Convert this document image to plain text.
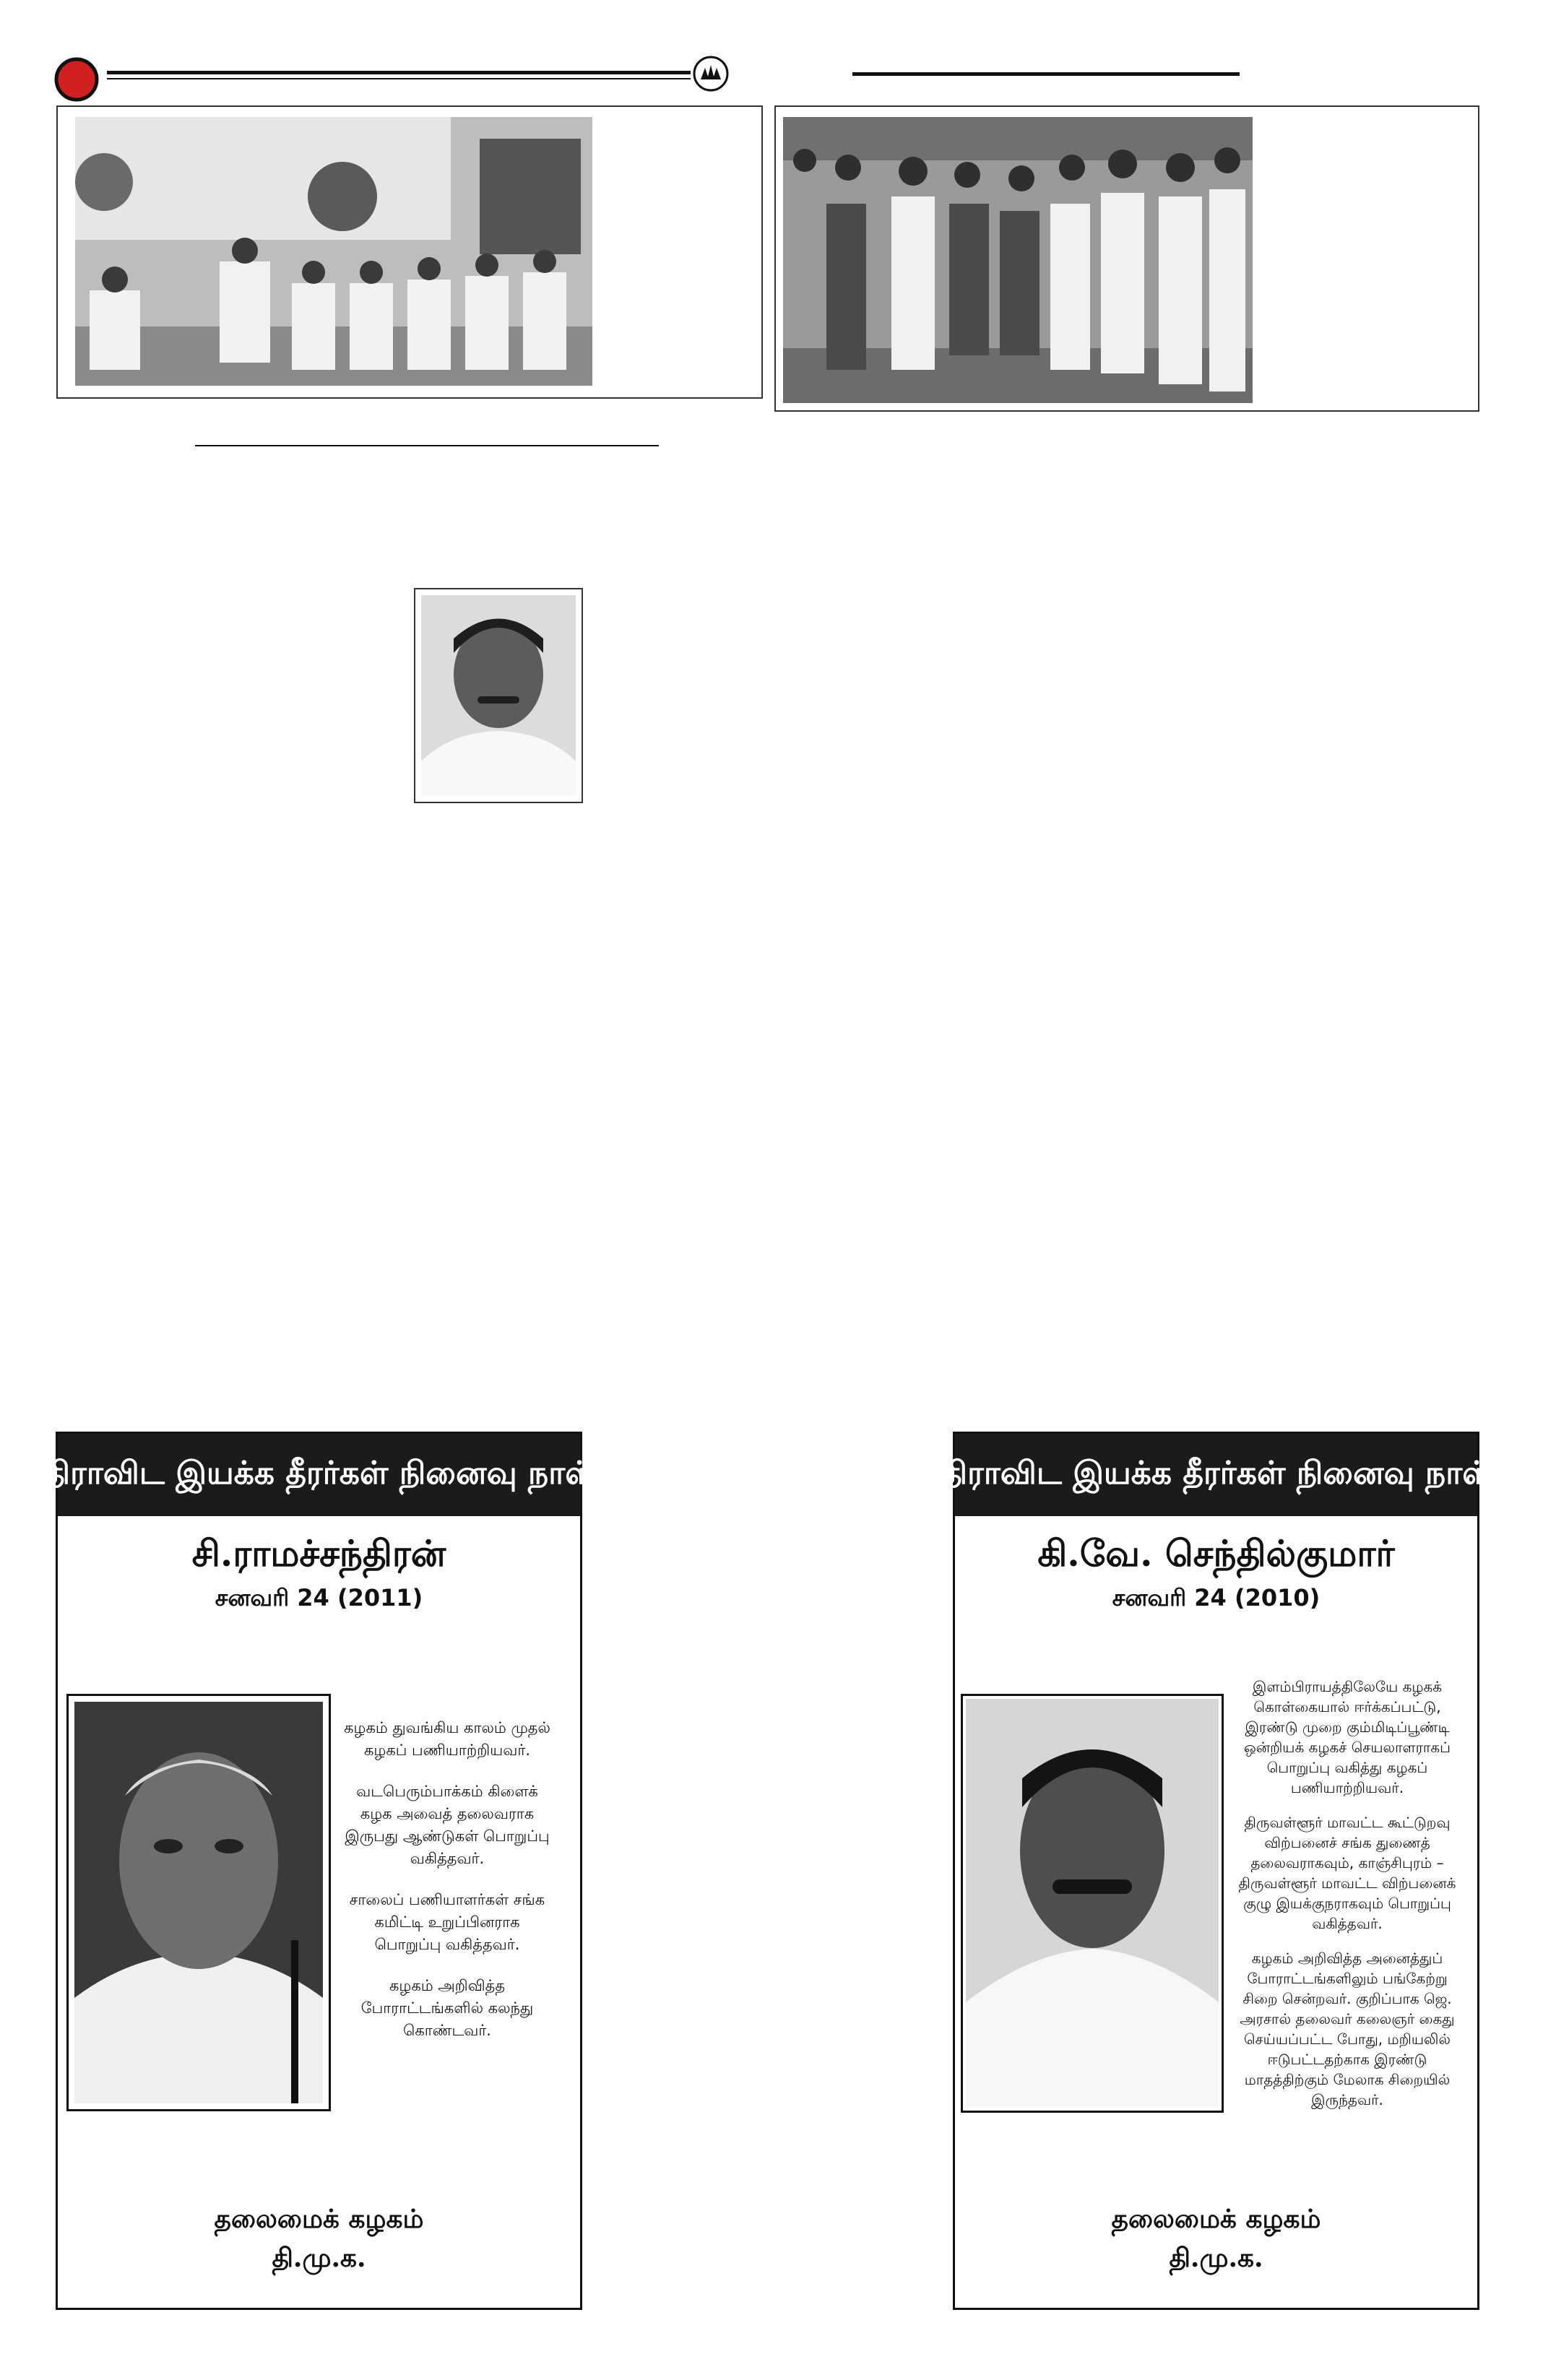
திராவிட இயக்க தீரர்கள் நினைவு நாள்
சி.ராமச்சந்திரன்
சனவரி 24 (2011)

கழகம் துவங்கிய காலம் முதல் கழகப் பணியாற்றியவர்.

வடபெரும்பாக்கம் கிளைக் கழக அவைத் தலைவராக இருபது ஆண்டுகள் பொறுப்பு வகித்தவர்.

சாலைப் பணியாளர்கள் சங்க கமிட்டி உறுப்பினராக பொறுப்பு வகித்தவர்.

கழகம் அறிவித்த போராட்டங்களில் கலந்து கொண்டவர்.

தலைமைக் கழகம்
தி.மு.க.
திராவிட இயக்க தீரர்கள் நினைவு நாள்
கி.வே. செந்தில்குமார்
சனவரி 24 (2010)

இளம்பிராயத்திலேயே கழகக் கொள்கையால் ஈர்க்கப்பட்டு, இரண்டு முறை கும்மிடிப்பூண்டி ஒன்றியக் கழகச் செயலாளராகப் பொறுப்பு வகித்து கழகப் பணியாற்றியவர்.

திருவள்ளூர் மாவட்ட கூட்டுறவு விற்பனைச் சங்க துணைத் தலைவராகவும், காஞ்சிபுரம் – திருவள்ளூர் மாவட்ட விற்பனைக் குழு இயக்குநராகவும் பொறுப்பு வகித்தவர்.

கழகம் அறிவித்த அனைத்துப் போராட்டங்களிலும் பங்கேற்று சிறை சென்றவர். குறிப்பாக ஜெ. அரசால் தலைவர் கலைஞர் கைது செய்யப்பட்ட போது, மறியலில் ஈடுபட்டதற்காக இரண்டு மாதத்திற்கும் மேலாக சிறையில் இருந்தவர்.

தலைமைக் கழகம்
தி.மு.க.
